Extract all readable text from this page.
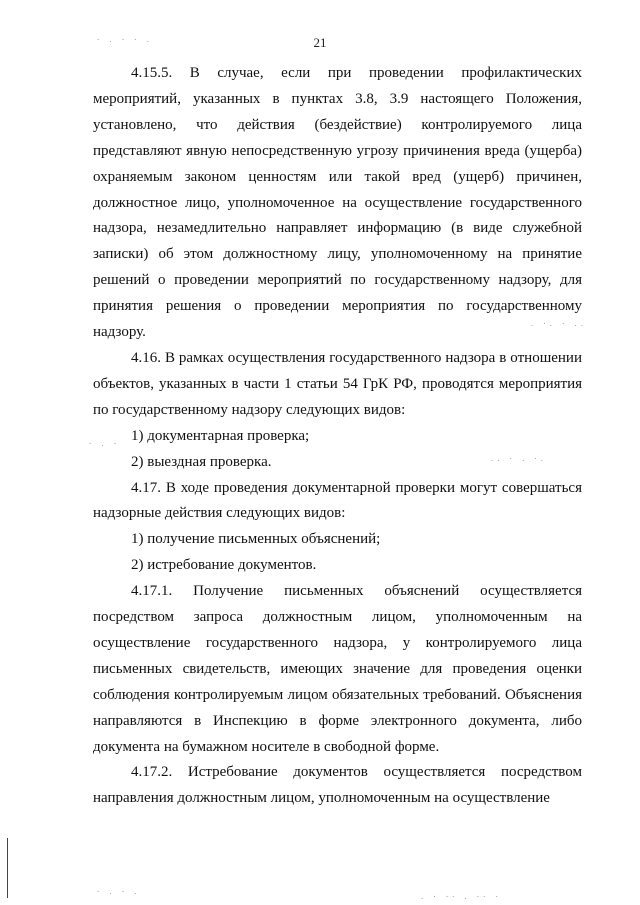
21

4.15.5. В случае, если при проведении профилактических мероприятий, указанных в пунктах 3.8, 3.9 настоящего Положения, установлено, что действия (бездействие) контролируемого лица представляют явную непосредственную угрозу причинения вреда (ущерба) охраняемым законом ценностям или такой вред (ущерб) причинен, должностное лицо, уполномоченное на осуществление государственного надзора, незамедлительно направляет информацию (в виде служебной записки) об этом должностному лицу, уполномоченному на принятие решений о проведении мероприятий по государственному надзору, для принятия решения о проведении мероприятия по государственному надзору.

4.16. В рамках осуществления государственного надзора в отношении объектов, указанных в части 1 статьи 54 ГрК РФ, проводятся мероприятия по государственному надзору следующих видов:

1) документарная проверка;

2) выездная проверка.

4.17. В ходе проведения документарной проверки могут совершаться надзорные действия следующих видов:

1) получение письменных объяснений;

2) истребование документов.

4.17.1. Получение письменных объяснений осуществляется посредством запроса должностным лицом, уполномоченным на осуществление государственного надзора, у контролируемого лица письменных свидетельств, имеющих значение для проведения оценки соблюдения контролируемым лицом обязательных требований. Объяснения направляются в Инспекцию в форме электронного документа, либо документа на бумажном носителе в свободной форме.

4.17.2. Истребование документов осуществляется посредством направления должностным лицом, уполномоченным на осуществление

· . · · .
. ·. · ..
· . ·
.. · . ·.
· . · .
. · ·· . ·· ·
